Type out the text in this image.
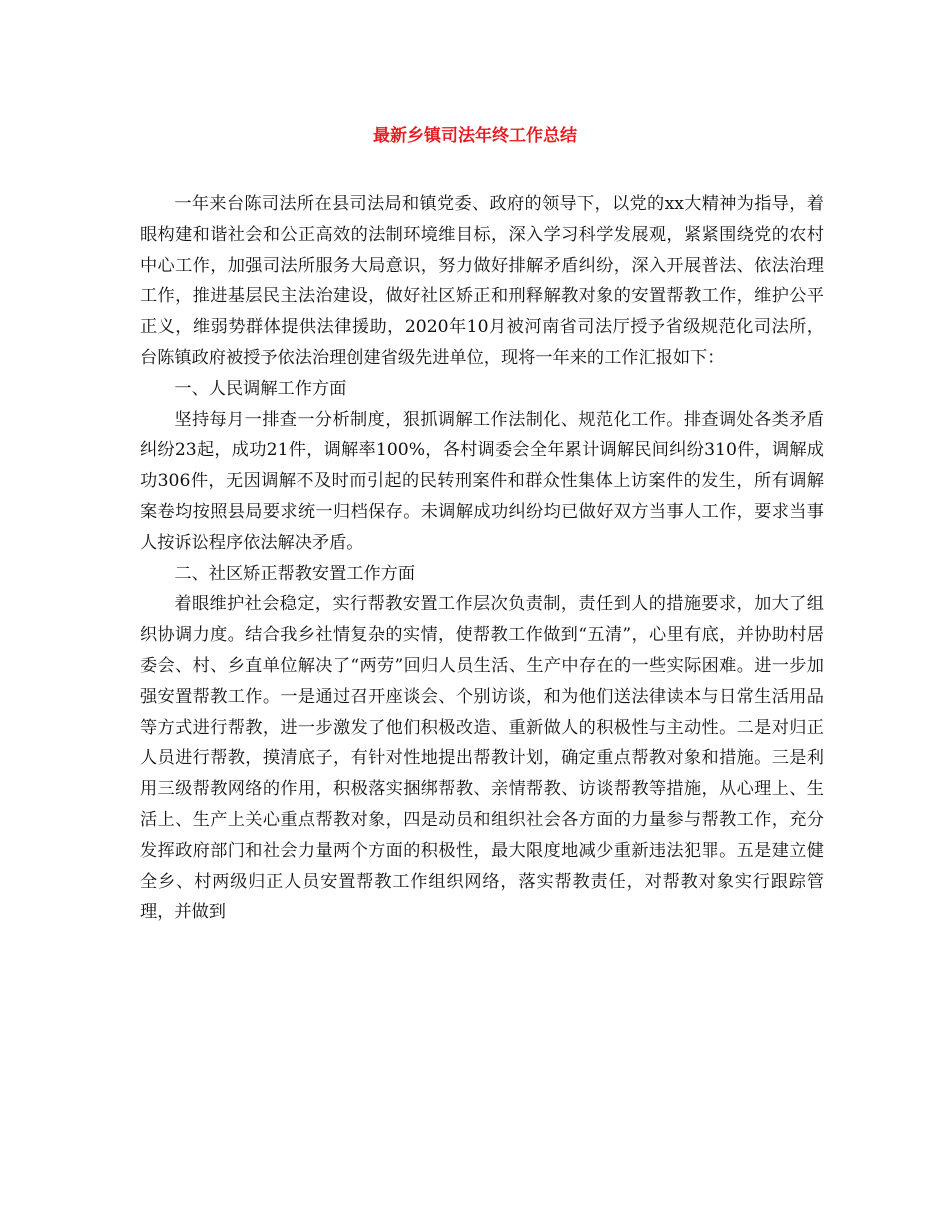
最新乡镇司法年终工作总结

一年来台陈司法所在县司法局和镇党委、政府的领导下，以党的xx大精神为指导，着眼构建和谐社会和公正高效的法制环境维目标，深入学习科学发展观，紧紧围绕党的农村中心工作，加强司法所服务大局意识，努力做好排解矛盾纠纷，深入开展普法、依法治理工作，推进基层民主法治建设，做好社区矫正和刑释解教对象的安置帮教工作，维护公平正义，维弱势群体提供法律援助，2020年10月被河南省司法厅授予省级规范化司法所，台陈镇政府被授予依法治理创建省级先进单位，现将一年来的工作汇报如下：

一、人民调解工作方面

坚持每月一排查一分析制度，狠抓调解工作法制化、规范化工作。排查调处各类矛盾纠纷23起，成功21件，调解率100%，各村调委会全年累计调解民间纠纷310件，调解成功306件，无因调解不及时而引起的民转刑案件和群众性集体上访案件的发生，所有调解案卷均按照县局要求统一归档保存。未调解成功纠纷均已做好双方当事人工作，要求当事人按诉讼程序依法解决矛盾。

二、社区矫正帮教安置工作方面

着眼维护社会稳定，实行帮教安置工作层次负责制，责任到人的措施要求，加大了组织协调力度。结合我乡社情复杂的实情，使帮教工作做到“五清”，心里有底，并协助村居委会、村、乡直单位解决了“两劳”回归人员生活、生产中存在的一些实际困难。进一步加强安置帮教工作。一是通过召开座谈会、个别访谈，和为他们送法律读本与日常生活用品等方式进行帮教，进一步激发了他们积极改造、重新做人的积极性与主动性。二是对归正人员进行帮教，摸清底子，有针对性地提出帮教计划，确定重点帮教对象和措施。三是利用三级帮教网络的作用，积极落实捆绑帮教、亲情帮教、访谈帮教等措施，从心理上、生活上、生产上关心重点帮教对象，四是动员和组织社会各方面的力量参与帮教工作，充分发挥政府部门和社会力量两个方面的积极性，最大限度地减少重新违法犯罪。五是建立健全乡、村两级归正人员安置帮教工作组织网络，落实帮教责任，对帮教对象实行跟踪管理，并做到
